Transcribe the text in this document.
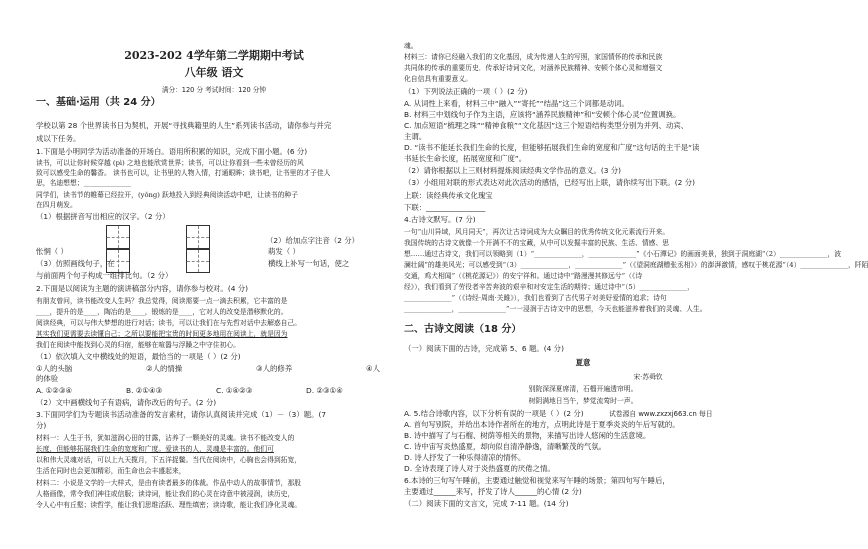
2023-202 4学年第二学期期中考试
八年级 语文
满分：120 分 考试时间：120 分钟
一、基础·运用（共 24 分）
学校以第 28 个世界读书日为契机，开展“寻找典籍里的人生”系列读书活动，请你参与并完
成以下任务。
1.下面是小明同学为活动准备的开场白。语用所积累的知识，完成下面小题。(6 分)
读书，可以让你时候穿越 (pì) 之地也能欣赏世界；读书，可以让你看到一些未曾经历的风
致可以感受生命的馨香。 读书也可以，让书里的人物入情，打通眼眸；读书吧，让书里的才子佳人
思，名迪想想；______________
同学们，读书节的帷幕已经拉开，(yǒng) 跃地投入到经典阅读活动中吧，让读书的种子
在四月萌发。
（1）根据拼音写出相应的汉字。（2 分）
（2）给加点字注音（2 分）
怅惘（ ）	萌发（ ）
（3）仿照画线句子，在	横线上补写一句话，使之
与前面两个句子构成一组排比句。（2 分）
2.下面是以阅读为主题的演讲稿部分内容，请你参与校对。(4 分)
有朋友曾问，读书能改变人生吗？我总觉得，阅读需要一点一滴去积累，它丰富的是
____，提升的是____，陶冶的是____，锻炼的是____，它对人的改变是潜移默化的。
阅读经典，可以与伟大梦想的进行对话；读书，可以让我们在与先哲对话中去解惑自己。
其实我们更需要去读懂自己；之所以要能把宝贵的时间更多地用在阅读上，就是因为
我们在阅读中能找到心灵的归宿，能够在喧嚣与浮躁之中守住初心。
（1）依次填入文中横线处的短语，最恰当的一项是（ ）(2 分)
①人的头脑	②人的情操	③人的修养	④人
的体验
A. ①②③④	B. ②①④③	C. ①④②③	D. ②③①④
（2）文中画横线句子有语病，请你改后的句子。(2 分)
3.下面同学们为专题读书活动准备的发言素材，请你认真阅读并完成（1）－（3）题。(7
分)
材料一：人生于书，犹如滋润心田的甘露，沾养了一颗美好的灵魂。读书不能改变人的
长度，但能够拓展我们生命的宽度和广度。爱读书的人，灵魂是丰富的。他们可
以和伟大灵魂对话，可以上九天揽月，下五洋捉鳖。当代在阅读中，心胸也会得到拓宽，
生活在同时也会更加精彩，而生命也会丰盛起来，
材料二：小说是文学的一大样式，是由有读者最多的体裁。作品中动人的故事情节，那股
人格画像，常令我们神往或信服；读诗词，能让我们的心灵在诗意中被浸润，读历史，
令人心中有丘壑；读哲学，能让我们思维活跃、理性缜密；读诗歌，能让我们净化灵魂。
魂。
材料三：请你已经融入我们的文化基因，成为传递人生的写照，家国情怀的传承和民族
共同体的传承的重要历史．传承好诗词文化，对涵养民族精神、安顿个体心灵和增强文
化自信具有重要意义。
（1）下列说法正确的一项（ ）(2 分)
A. 从词性上来看，材料三中“融入”“寄托”“结晶”这三个词都是动词。
B. 材料三中划线句子作为主语，应该将“涵养民族精神”和“安顿个体心灵”位置调换。
C. 加点短语“梳理之珠”“精神食粮”“文化基因”这三个短语结构类型分别为并列、动宾、
主谓。
D. “读书不能延长我们生命的长度，但能够拓展我们生命的宽度和广度”这句话的主干是“读
书延长生命长度，拓展宽度和广度”。
（2）请你根据以上三则材料提炼阅读经典文学作品的意义。(3 分)
（3）小组用对联的形式表达对此次活动的感悟，已经写出上联，请你续写出下联。(2 分)
上联：读经典传承文化瑰宝
下联：________________
4.古诗文默写。(7 分)
一句“山川异域，风月同天”，再次让古诗词成为大众瞩目的优秀传统文化元素流行开来。
我国传统的古诗文就像一个开满不不的宝藏，从中可以发掘丰富的民族、生活、情感、思
想……通过古诗文，我们可以领略到（1）“______________，______________”《小石潭记》的画面美景，独到于洞庭湖“（2）______________，波
澜壮阔”的雄美风光；可以感受到“（3）______________，______________”（《望洞庭湖赠张丞相》）的澎湃激情，感叹于桃花源“（4）______________，阡陌
交通，鸡犬相闻”（《桃花源记》）的安宁祥和。通过诗中“路漫漫其修远兮”（《诗
经》），我们看到了劳役者辛苦奔波的艰辛和对安定生活的期待；通过诗中“（5）______________，
______________”（《诗经·周南·关雎》），我们也看到了古代男子对美好爱情的追求；诗句
______________，______________”一一浸润于古诗文中的思想，今天也能滋养着我们的灵魂、人生。
二、古诗文阅读（18 分）
（一）阅读下面的古诗，完成第 5、6 题。(4 分)
夏意
宋·苏舜钦
别院深深夏席清，石榴开遍透帘明。
树阴满地日当午，梦觉流莺时一声。
A. 5.结合诗歌内容，以下分析有误的一项是（ ）(2 分)	试卷源自 www.zxzxj663.cn 每日
A. 首句写别院，并给出本诗作者所在的地方，点明此诗是于夏季炎炎的午后写就的。
B. 诗中描写了与石榴、树荫等相关的景物，来描写出诗人悠闲的生活意境。
C. 诗中宙写炎热盛夏，却向似自清净静逸，清晰繁茂的气氛。
D. 诗人抒发了一种乐得清凉的情怀。
D. 全诗表现了诗人对于炎热盛夏的厌倦之情。
6.本诗的三句写午睡前，主要通过触觉和视觉来写午睡的场景；第四句写午睡后，
主要通过______来写，抒发了诗人______的心情 (2 分)
（二）阅读下面的文言文，完成 7-11 题。(14 分)
